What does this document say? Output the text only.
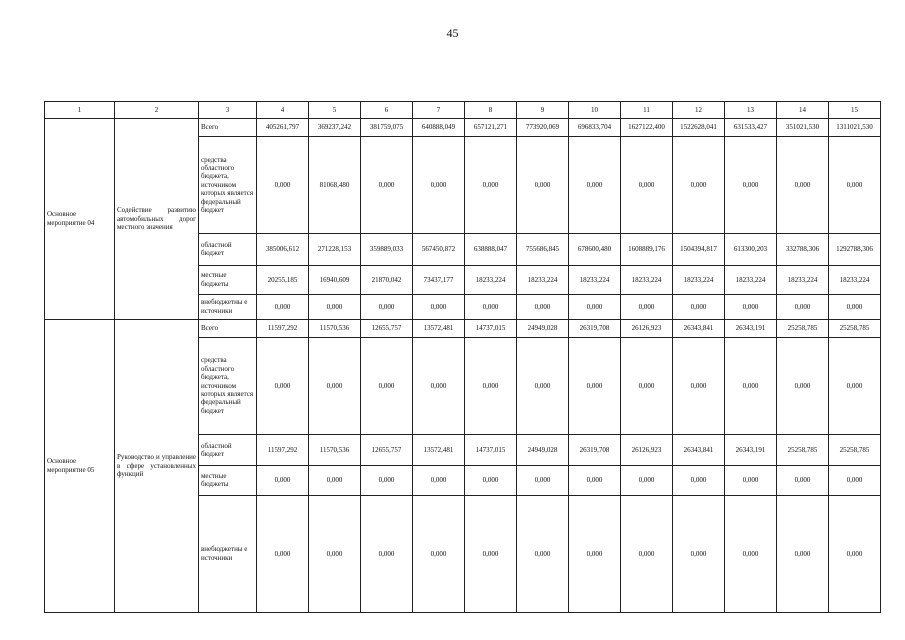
45
1	2	3	4	5	6	7	8	9	10	11	12	13	14	15
Основное мероприятие 04	Содействие развитию автомобильных дорог местного значения	Всего	405261,797	369237,242	381759,075	640888,049	657121,271	773920,069	696833,704	1627122,400	1522628,041	631533,427	351021,530	1311021,530
		средства областного бюджета, источником которых является федеральный бюджет	0,000	81068,480	0,000	0,000	0,000	0,000	0,000	0,000	0,000	0,000	0,000	0,000
		областной бюджет	385006,612	271228,153	359889,033	567450,872	638888,047	755686,845	678600,480	1608889,176	1504394,817	613300,203	332788,306	1292788,306
		местные бюджеты	20255,185	16940,609	21870,042	73437,177	18233,224	18233,224	18233,224	18233,224	18233,224	18233,224	18233,224	18233,224
		внебюджетны е источники	0,000	0,000	0,000	0,000	0,000	0,000	0,000	0,000	0,000	0,000	0,000	0,000
Основное мероприятие 05	Руководство и управление в сфере установленных функций	Всего	11597,292	11570,536	12655,757	13572,481	14737,015	24949,028	26319,708	26126,923	26343,841	26343,191	25258,785	25258,785
		средства областного бюджета, источником которых является федеральный бюджет	0,000	0,000	0,000	0,000	0,000	0,000	0,000	0,000	0,000	0,000	0,000	0,000
		областной бюджет	11597,292	11570,536	12655,757	13572,481	14737,015	24949,028	26319,708	26126,923	26343,841	26343,191	25258,785	25258,785
		местные бюджеты	0,000	0,000	0,000	0,000	0,000	0,000	0,000	0,000	0,000	0,000	0,000	0,000
		внебюджетны е источники	0,000	0,000	0,000	0,000	0,000	0,000	0,000	0,000	0,000	0,000	0,000	0,000
